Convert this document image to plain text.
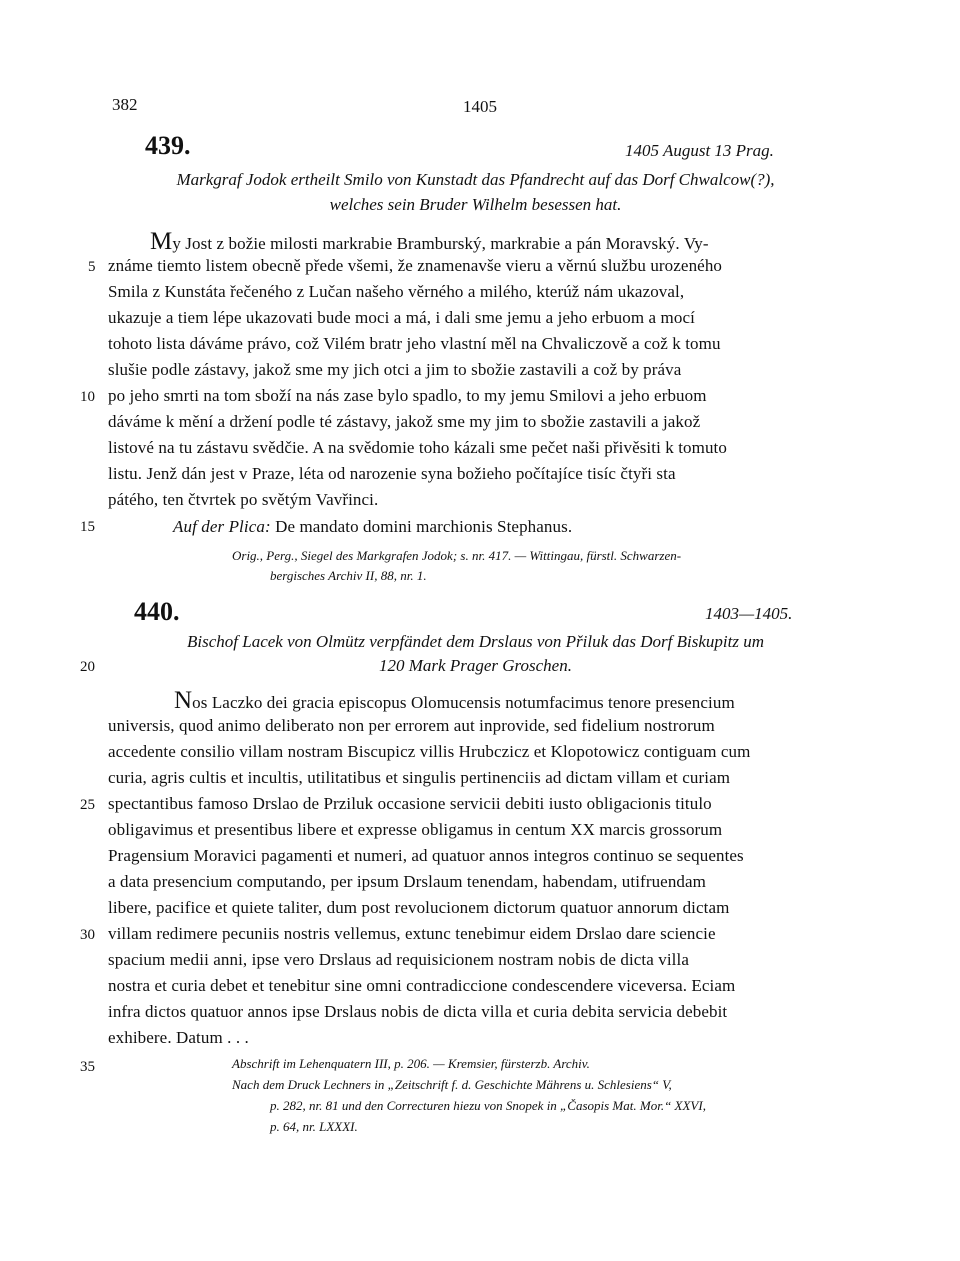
382	1405
439.	1405 August 13 Prag.
Markgraf Jodok ertheilt Smilo von Kunstadt das Pfandrecht auf das Dorf Chwalcow(?),
welches sein Bruder Wilhelm besessen hat.
My Jost z božie milosti markrabie Bramburský, markrabie a pán Moravský. Vy-
známe tiemto listem obecně přede všemi, že znamenavše vieru a věrnú službu urozeného
Smila z Kunstáta řečeného z Lučan našeho věrného a milého, kterúž nám ukazoval,
ukazuje a tiem lépe ukazovati bude moci a má, i dali sme jemu a jeho erbuom a mocí
tohoto lista dáváme právo, což Vilém bratr jeho vlastní měl na Chvaliczově a což k tomu
slušie podle zástavy, jakož sme my jich otci a jim to sbožie zastavili a což by práva
po jeho smrti na tom sboží na nás zase bylo spadlo, to my jemu Smilovi a jeho erbuom
dáváme k mění a držení podle té zástavy, jakož sme my jim to sbožie zastavili a jakož
listové na tu zástavu svědčie. A na svědomie toho kázali sme pečet naši přivěsiti k tomuto
listu. Jenž dán jest v Praze, léta od narozenie syna božieho počítajíce tisíc čtyři sta
pátého, ten čtvrtek po světým Vavřinci.
Auf der Plica: De mandato domini marchionis Stephanus.
Orig., Perg., Siegel des Markgrafen Jodok; s. nr. 417. — Wittingau, fürstl. Schwarzen-
bergisches Archiv II, 88, nr. 1.
440.	1403—1405.
Bischof Lacek von Olmütz verpfändet dem Drslaus von Přiluk das Dorf Biskupitz um
120 Mark Prager Groschen.
Nos Laczko dei gracia episcopus Olomucensis notumfacimus tenore presencium
universis, quod animo deliberato non per errorem aut inprovide, sed fidelium nostrorum
accedente consilio villam nostram Biscupicz villis Hrubczicz et Klopotowicz contiguam cum
curia, agris cultis et incultis, utilitatibus et singulis pertinenciis ad dictam villam et curiam
spectantibus famoso Drslao de Prziluk occasione servicii debiti iusto obligacionis titulo
obligavimus et presentibus libere et expresse obligamus in centum XX marcis grossorum
Pragensium Moravici pagamenti et numeri, ad quatuor annos integros continuo se sequentes
a data presencium computando, per ipsum Drslaum tenendam, habendam, utifruendam
libere, pacifice et quiete taliter, dum post revolucionem dictorum quatuor annorum dictam
villam redimere pecuniis nostris vellemus, extunc tenebimur eidem Drslao dare sciencie
spacium medii anni, ipse vero Drslaus ad requisicionem nostram nobis de dicta villa
nostra et curia debet et tenebitur sine omni contradiccione condescendere viceversa. Eciam
infra dictos quatuor annos ipse Drslaus nobis de dicta villa et curia debita servicia debebit
exhibere. Datum . . .
Abschrift im Lehenquatern III, p. 206. — Kremsier, fürsterzb. Archiv.
Nach dem Druck Lechners in „Zeitschrift f. d. Geschichte Mährens u. Schlesiens“ V,
p. 282, nr. 81 und den Correcturen hiezu von Snopek in „Časopis Mat. Mor.“ XXVI,
p. 64, nr. LXXXI.
5
10
15
20
25
30
35
